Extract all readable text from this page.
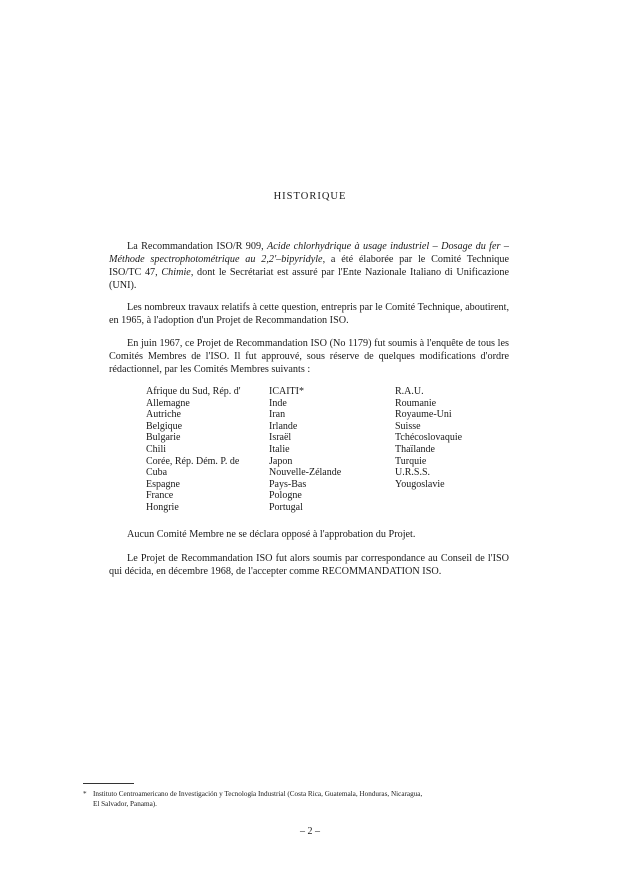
HISTORIQUE

La Recommandation ISO/R 909, Acide chlorhydrique à usage industriel – Dosage du fer – Méthode spectrophotométrique au 2,2′–bipyridyle, a été élaborée par le Comité Technique ISO/TC 47, Chimie, dont le Secrétariat est assuré par l'Ente Nazionale Italiano di Unificazione (UNI).

Les nombreux travaux relatifs à cette question, entrepris par le Comité Technique, aboutirent, en 1965, à l'adoption d'un Projet de Recommandation ISO.

En juin 1967, ce Projet de Recommandation ISO (No 1179) fut soumis à l'enquête de tous les Comités Membres de l'ISO. Il fut approuvé, sous réserve de quelques modifications d'ordre rédactionnel, par les Comités Membres suivants :

Afrique du Sud, Rép. d'
Allemagne
Autriche
Belgique
Bulgarie
Chili
Corée, Rép. Dém. P. de
Cuba
Espagne
France
Hongrie
ICAITI*
Inde
Iran
Irlande
Israël
Italie
Japon
Nouvelle-Zélande
Pays-Bas
Pologne
Portugal
R.A.U.
Roumanie
Royaume-Uni
Suisse
Tchécoslovaquie
Thaïlande
Turquie
U.R.S.S.
Yougoslavie

Aucun Comité Membre ne se déclara opposé à l'approbation du Projet.

Le Projet de Recommandation ISO fut alors soumis par correspondance au Conseil de l'ISO qui décida, en décembre 1968, de l'accepter comme RECOMMANDATION ISO.

* Instituto Centroamericano de Investigación y Tecnología Industrial (Costa Rica, Guatemala, Honduras, Nicaragua,
El Salvador, Panama).
– 2 –
